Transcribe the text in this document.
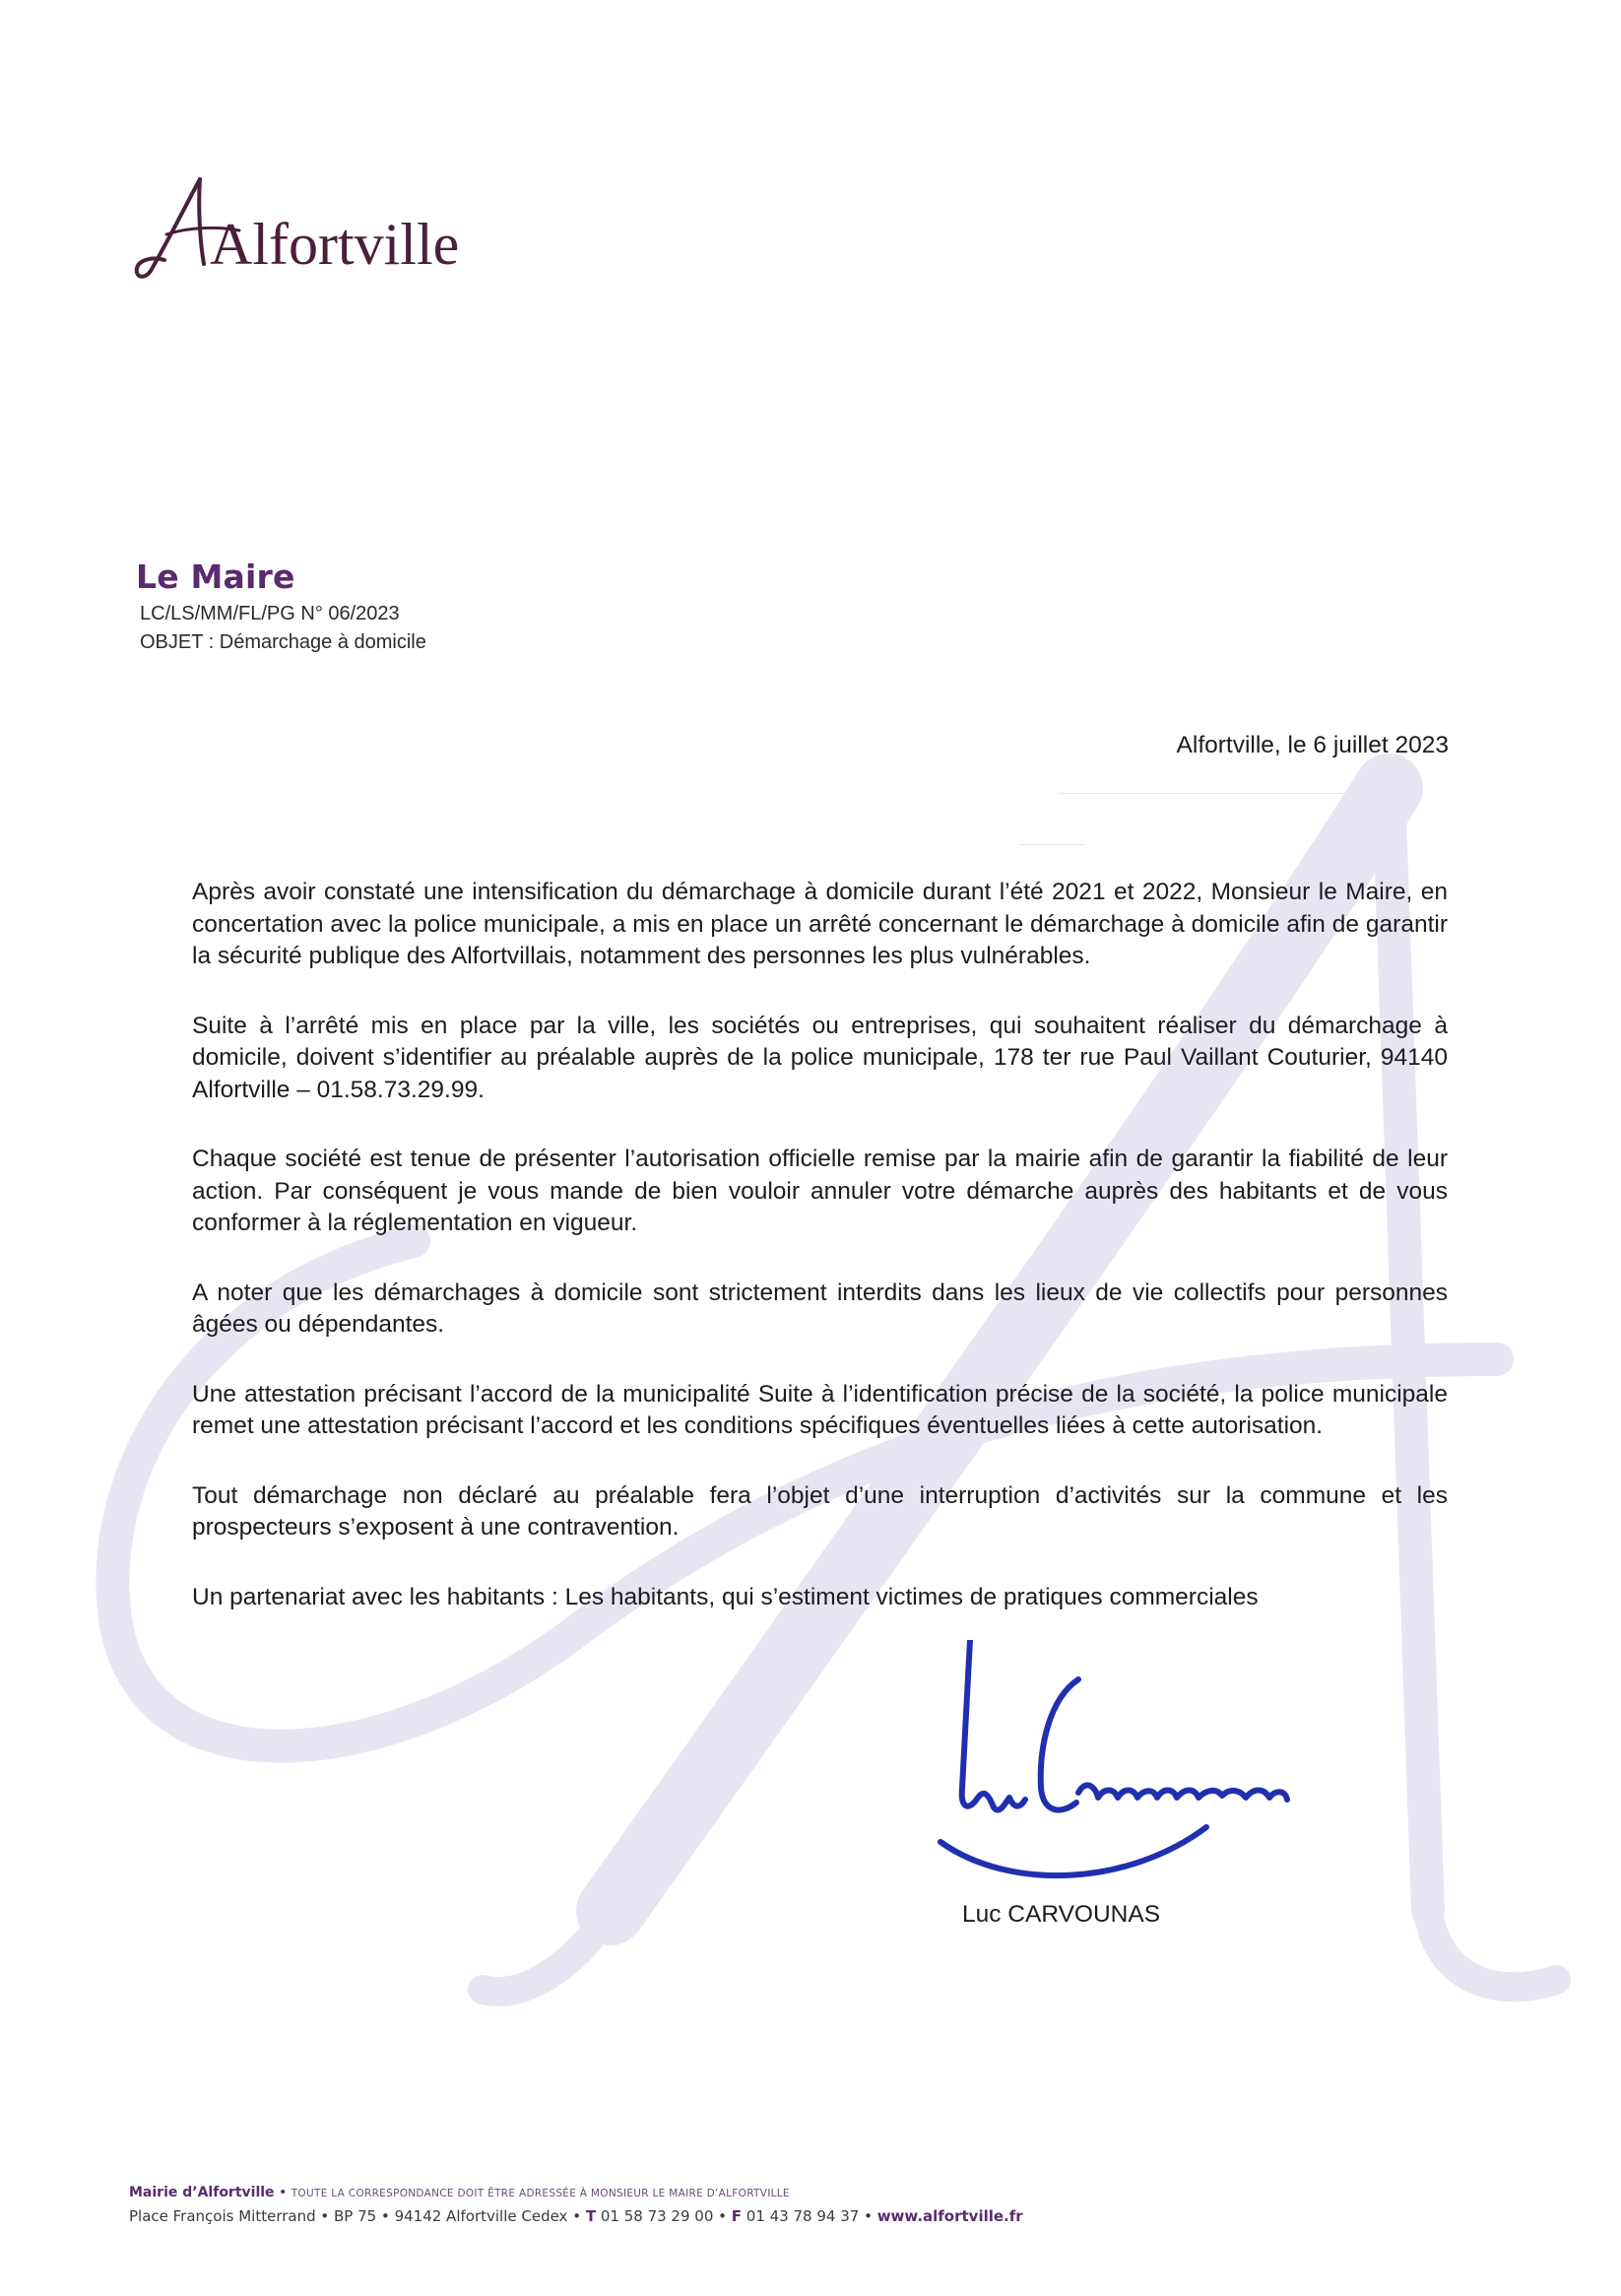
Alfortville
Le Maire
LC/LS/MM/FL/PG N° 06/2023
OBJET : Démarchage à domicile
Alfortville, le 6 juillet 2023

Après avoir constaté une intensification du démarchage à domicile durant l’été 2021 et 2022, Monsieur le Maire, en concertation avec la police municipale, a mis en place un arrêté concernant le démarchage à domicile afin de garantir la sécurité publique des Alfortvillais, notamment des personnes les plus vulnérables.

Suite à l’arrêté mis en place par la ville, les sociétés ou entreprises, qui souhaitent réaliser du démarchage à domicile, doivent s’identifier au préalable auprès de la police municipale, 178 ter rue Paul Vaillant Couturier, 94140 Alfortville – 01.58.73.29.99.

Chaque société est tenue de présenter l’autorisation officielle remise par la mairie afin de garantir la fiabilité de leur action. Par conséquent je vous mande de bien vouloir annuler votre démarche auprès des habitants et de vous conformer à la réglementation en vigueur.

A noter que les démarchages à domicile sont strictement interdits dans les lieux de vie collectifs pour personnes âgées ou dépendantes.

Une attestation précisant l’accord de la municipalité Suite à l’identification précise de la société, la police municipale remet une attestation précisant l’accord et les conditions spécifiques éventuelles liées à cette autorisation.

Tout démarchage non déclaré au préalable fera l’objet d’une interruption d’activités sur la commune et les prospecteurs s’exposent à une contravention.

Un partenariat avec les habitants : Les habitants, qui s’estiment victimes de pratiques commerciales

Luc CARVOUNAS
Mairie d’Alfortville • TOUTE LA CORRESPONDANCE DOIT ÊTRE ADRESSÉE À MONSIEUR LE MAIRE D’ALFORTVILLE
Place François Mitterrand • BP 75 • 94142 Alfortville Cedex • T 01 58 73 29 00 • F 01 43 78 94 37 • www.alfortville.fr
